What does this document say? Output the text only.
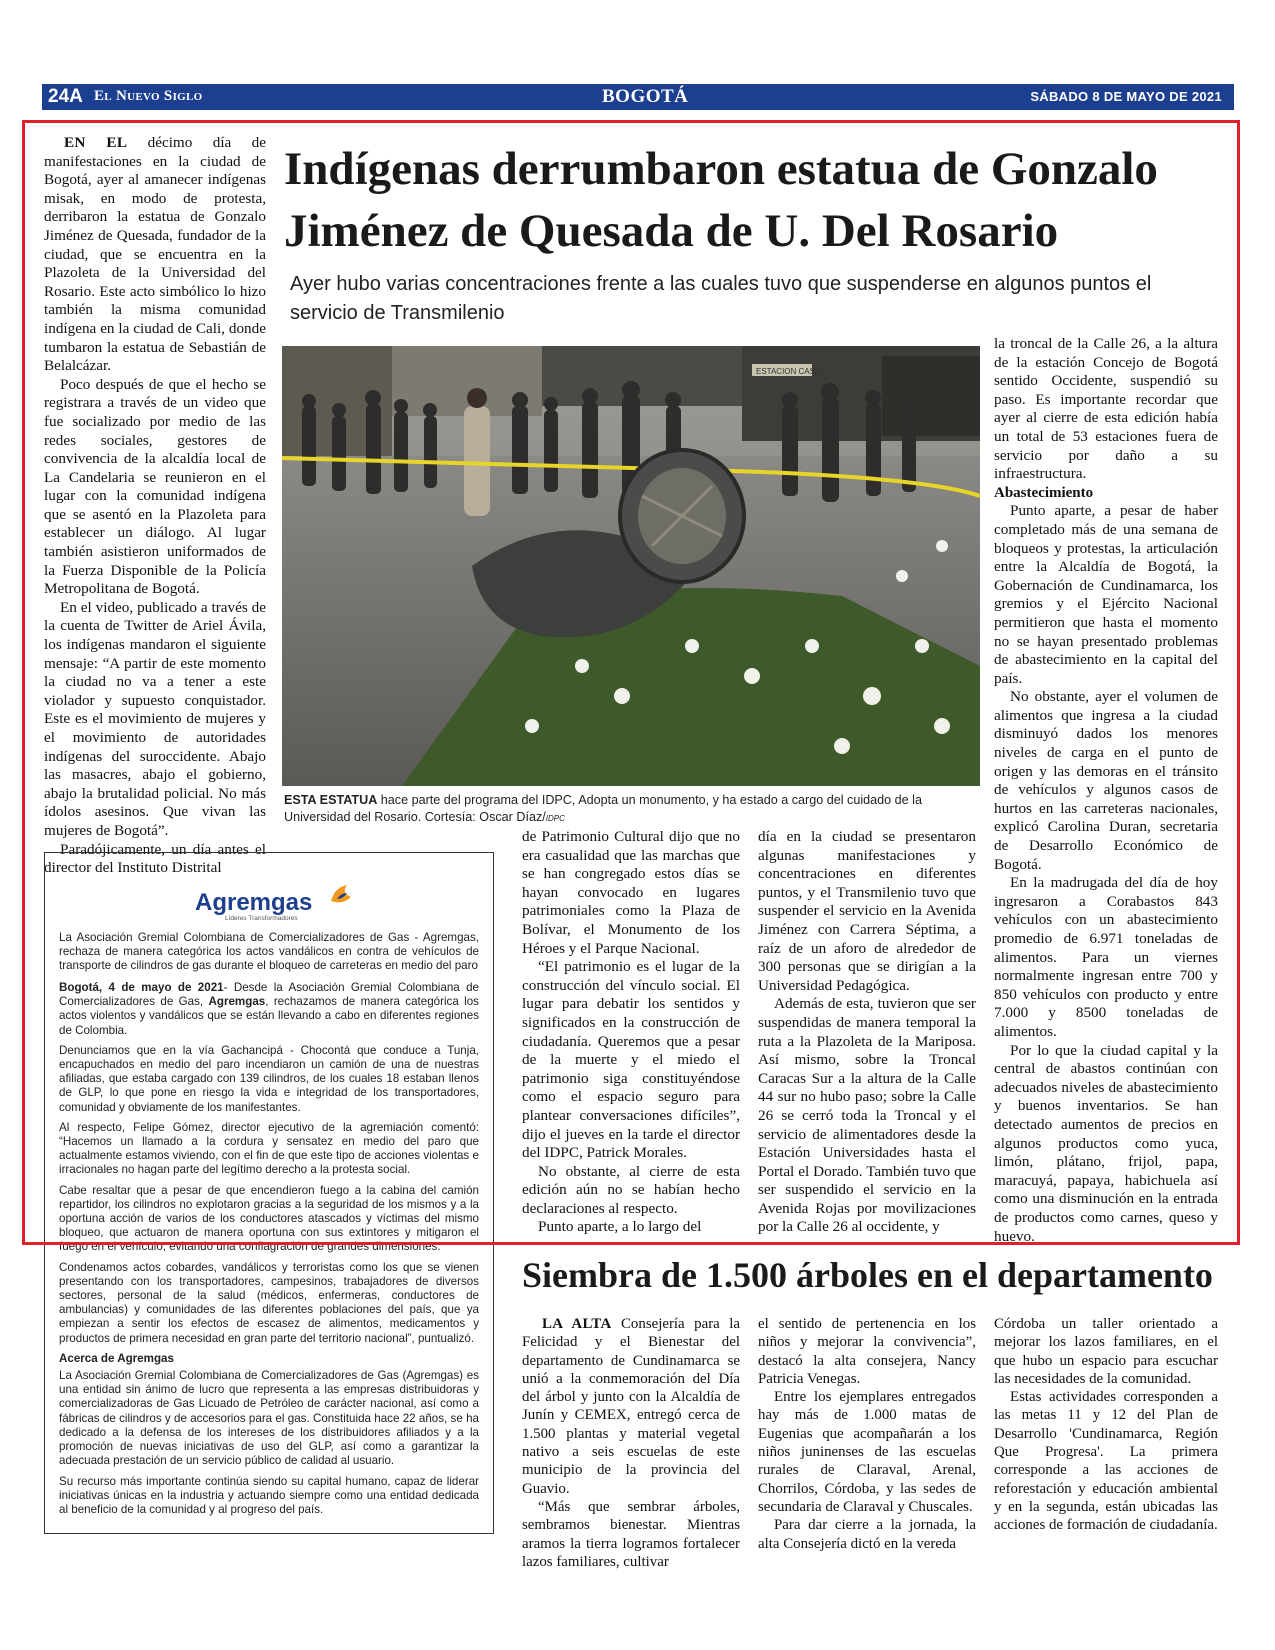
24A El Nuevo Siglo	BOGOTÁ	SÁBADO 8 DE MAYO DE 2021
Indígenas derrumbaron estatua de Gonzalo Jiménez de Quesada de U. Del Rosario
Ayer hubo varias concentraciones frente a las cuales tuvo que suspenderse en algunos puntos el servicio de Transmilenio

EN EL décimo día de manifestaciones en la ciudad de Bogotá, ayer al amanecer indígenas misak, en modo de protesta, derribaron la estatua de Gonzalo Jiménez de Quesada, fundador de la ciudad, que se encuentra en la Plazoleta de la Universidad del Rosario. Este acto simbólico lo hizo también la misma comunidad indígena en la ciudad de Cali, donde tumbaron la estatua de Sebastián de Belalcázar.

Poco después de que el hecho se registrara a través de un video que fue socializado por medio de las redes sociales, gestores de convivencia de la alcaldía local de La Candelaria se reunieron en el lugar con la comunidad indígena que se asentó en la Plazoleta para establecer un diálogo. Al lugar también asistieron uniformados de la Fuerza Disponible de la Policía Metropolitana de Bogotá.

En el video, publicado a través de la cuenta de Twitter de Ariel Ávila, los indígenas mandaron el siguiente mensaje: “A partir de este momento la ciudad no va a tener a este violador y supuesto conquistador. Este es el movimiento de mujeres y el movimiento de autoridades indígenas del suroccidente. Abajo las masacres, abajo el gobierno, abajo la brutalidad policial. No más ídolos asesinos. Que vivan las mujeres de Bogotá”.

Paradójicamente, un día antes el director del Instituto Distrital

ESTACION CASAL
ESTA ESTATUA hace parte del programa del IDPC, Adopta un monumento, y ha estado a cargo del cuidado de la Universidad del Rosario. Cortesía: Oscar Díaz/IDPC

de Patrimonio Cultural dijo que no era casualidad que las marchas que se han congregado estos días se hayan convocado en lugares patrimoniales como la Plaza de Bolívar, el Monumento de los Héroes y el Parque Nacional.

“El patrimonio es el lugar de la construcción del vínculo social. El lugar para debatir los sentidos y significados en la construcción de ciudadanía. Queremos que a pesar de la muerte y el miedo el patrimonio siga constituyéndose como el espacio seguro para plantear conversaciones difíciles”, dijo el jueves en la tarde el director del IDPC, Patrick Morales.

No obstante, al cierre de esta edición aún no se habían hecho declaraciones al respecto.

Punto aparte, a lo largo del

día en la ciudad se presentaron algunas manifestaciones y concentraciones en diferentes puntos, y el Transmilenio tuvo que suspender el servicio en la Avenida Jiménez con Carrera Séptima, a raíz de un aforo de alrededor de 300 personas que se dirigían a la Universidad Pedagógica.

Además de esta, tuvieron que ser suspendidas de manera temporal la ruta a la Plazoleta de la Mariposa. Así mismo, sobre la Troncal Caracas Sur a la altura de la Calle 44 sur no hubo paso; sobre la Calle 26 se cerró toda la Troncal y el servicio de alimentadores desde la Estación Universidades hasta el Portal el Dorado. También tuvo que ser suspendido el servicio en la Avenida Rojas por movilizaciones por la Calle 26 al occidente, y

la troncal de la Calle 26, a la altura de la estación Concejo de Bogotá sentido Occidente, suspendió su paso. Es importante recordar que ayer al cierre de esta edición había un total de 53 estaciones fuera de servicio por daño a su infraestructura.

Abastecimiento

Punto aparte, a pesar de haber completado más de una semana de bloqueos y protestas, la articulación entre la Alcaldía de Bogotá, la Gobernación de Cundinamarca, los gremios y el Ejército Nacional permitieron que hasta el momento no se hayan presentado problemas de abastecimiento en la capital del país.

No obstante, ayer el volumen de alimentos que ingresa a la ciudad disminuyó dados los menores niveles de carga en el punto de origen y las demoras en el tránsito de vehículos y algunos casos de hurtos en las carreteras nacionales, explicó Carolina Duran, secretaria de Desarrollo Económico de Bogotá.

En la madrugada del día de hoy ingresaron a Corabastos 843 vehículos con un abastecimiento promedio de 6.971 toneladas de alimentos. Para un viernes normalmente ingresan entre 700 y 850 vehículos con producto y entre 7.000 y 8500 toneladas de alimentos.

Por lo que la ciudad capital y la central de abastos continúan con adecuados niveles de abastecimiento y buenos inventarios. Se han detectado aumentos de precios en algunos productos como yuca, limón, plátano, frijol, papa, maracuyá, papaya, habichuela así como una disminución en la entrada de productos como carnes, queso y huevo.

Agremgas
Líderes Transformadores
La Asociación Gremial Colombiana de Comercializadores de Gas - Agremgas, rechaza de manera categórica los actos vandálicos en contra de vehículos de transporte de cilindros de gas durante el bloqueo de carreteras en medio del paro

Bogotá, 4 de mayo de 2021- Desde la Asociación Gremial Colombiana de Comercializadores de Gas, Agremgas, rechazamos de manera categórica los actos violentos y vandálicos que se están llevando a cabo en diferentes regiones de Colombia.

Denunciamos que en la vía Gachancipá - Chocontá que conduce a Tunja, encapuchados en medio del paro incendiaron un camión de una de nuestras afiliadas, que estaba cargado con 139 cilindros, de los cuales 18 estaban llenos de GLP, lo que pone en riesgo la vida e integridad de los transportadores, comunidad y obviamente de los manifestantes.

Al respecto, Felipe Gómez, director ejecutivo de la agremiación comentó: “Hacemos un llamado a la cordura y sensatez en medio del paro que actualmente estamos viviendo, con el fin de que este tipo de acciones violentas e irracionales no hagan parte del legítimo derecho a la protesta social.

Cabe resaltar que a pesar de que encendieron fuego a la cabina del camión repartidor, los cilindros no explotaron gracias a la seguridad de los mismos y a la oportuna acción de varios de los conductores atascados y víctimas del mismo bloqueo, que actuaron de manera oportuna con sus extintores y mitigaron el fuego en el vehículo, evitando una conflagración de grandes dimensiones.

Condenamos actos cobardes, vandálicos y terroristas como los que se vienen presentando con los transportadores, campesinos, trabajadores de diversos sectores, personal de la salud (médicos, enfermeras, conductores de ambulancias) y comunidades de las diferentes poblaciones del país, que ya empiezan a sentir los efectos de escasez de alimentos, medicamentos y productos de primera necesidad en gran parte del territorio nacional”, puntualizó.

Acerca de Agremgas

La Asociación Gremial Colombiana de Comercializadores de Gas (Agremgas) es una entidad sin ánimo de lucro que representa a las empresas distribuidoras y comercializadoras de Gas Licuado de Petróleo de carácter nacional, así como a fábricas de cilindros y de accesorios para el gas. Constituida hace 22 años, se ha dedicado a la defensa de los intereses de los distribuidores afiliados y a la promoción de nuevas iniciativas de uso del GLP, así como a garantizar la adecuada prestación de un servicio público de calidad al usuario.

Su recurso más importante continúa siendo su capital humano, capaz de liderar iniciativas únicas en la industria y actuando siempre como una entidad dedicada al beneficio de la comunidad y al progreso del país.

Siembra de 1.500 árboles en el departamento

LA ALTA Consejería para la Felicidad y el Bienestar del departamento de Cundinamarca se unió a la conmemoración del Día del árbol y junto con la Alcaldía de Junín y CEMEX, entregó cerca de 1.500 plantas y material vegetal nativo a seis escuelas de este municipio de la provincia del Guavio.

“Más que sembrar árboles, sembramos bienestar. Mientras aramos la tierra logramos fortalecer lazos familiares, cultivar

el sentido de pertenencia en los niños y mejorar la convivencia”, destacó la alta consejera, Nancy Patricia Venegas.

Entre los ejemplares entregados hay más de 1.000 matas de Eugenias que acompañarán a los niños juninenses de las escuelas rurales de Claraval, Arenal, Chorrilos, Córdoba, y las sedes de secundaria de Claraval y Chuscales.

Para dar cierre a la jornada, la alta Consejería dictó en la vereda

Córdoba un taller orientado a mejorar los lazos familiares, en el que hubo un espacio para escuchar las necesidades de la comunidad.

Estas actividades corresponden a las metas 11 y 12 del Plan de Desarrollo 'Cundinamarca, Región Que Progresa'. La primera corresponde a las acciones de reforestación y educación ambiental y en la segunda, están ubicadas las acciones de formación de ciudadanía.
